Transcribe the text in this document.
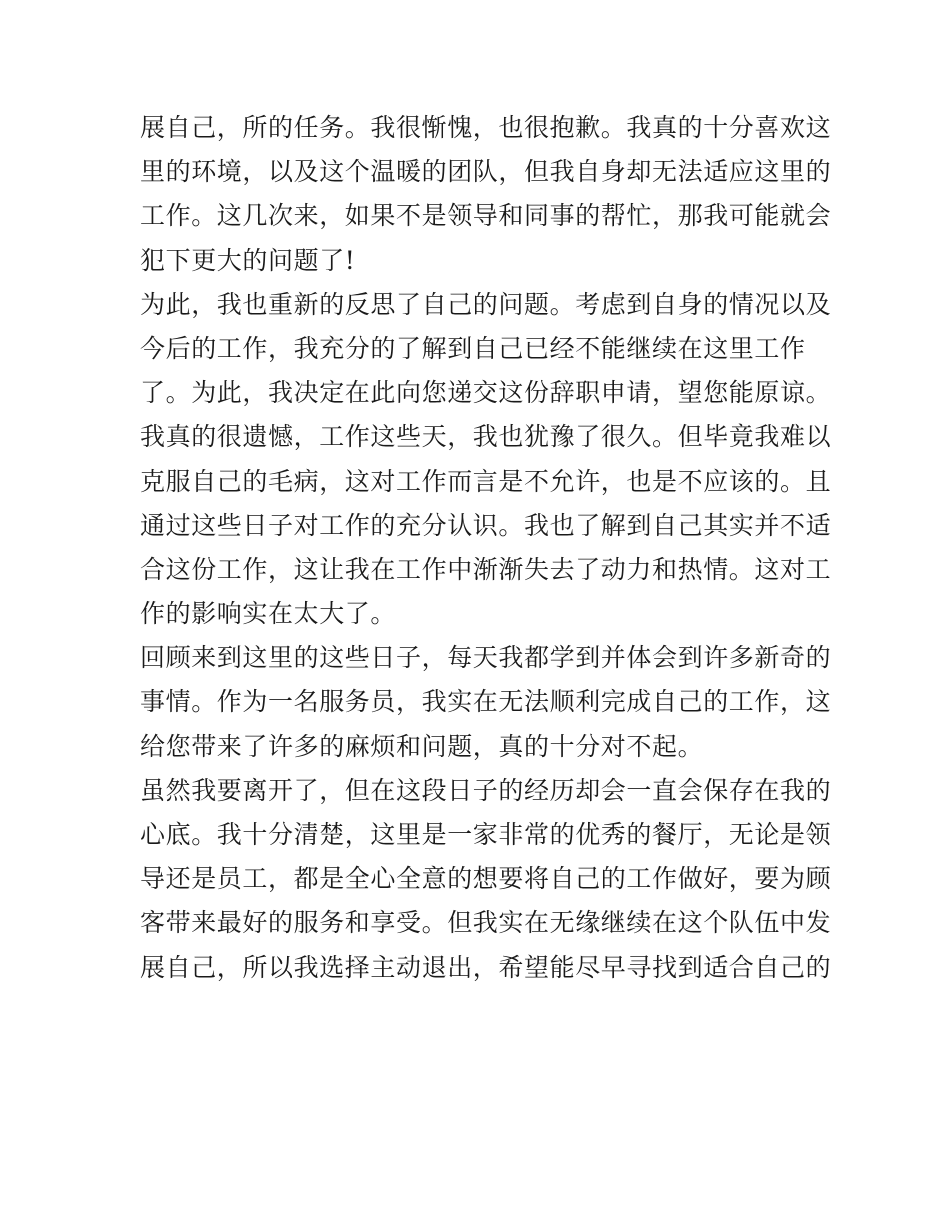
展自己，所的任务。我很惭愧，也很抱歉。我真的十分喜欢这
里的环境，以及这个温暖的团队，但我自身却无法适应这里的
工作。这几次来，如果不是领导和同事的帮忙，那我可能就会
犯下更大的问题了!
为此，我也重新的反思了自己的问题。考虑到自身的情况以及
今后的工作，我充分的了解到自己已经不能继续在这里工作
了。为此，我决定在此向您递交这份辞职申请，望您能原谅。
我真的很遗憾，工作这些天，我也犹豫了很久。但毕竟我难以
克服自己的毛病，这对工作而言是不允许，也是不应该的。且
通过这些日子对工作的充分认识。我也了解到自己其实并不适
合这份工作，这让我在工作中渐渐失去了动力和热情。这对工
作的影响实在太大了。
回顾来到这里的这些日子，每天我都学到并体会到许多新奇的
事情。作为一名服务员，我实在无法顺利完成自己的工作，这
给您带来了许多的麻烦和问题，真的十分对不起。
虽然我要离开了，但在这段日子的经历却会一直会保存在我的
心底。我十分清楚，这里是一家非常的优秀的餐厅，无论是领
导还是员工，都是全心全意的想要将自己的工作做好，要为顾
客带来最好的服务和享受。但我实在无缘继续在这个队伍中发
展自己，所以我选择主动退出，希望能尽早寻找到适合自己的
